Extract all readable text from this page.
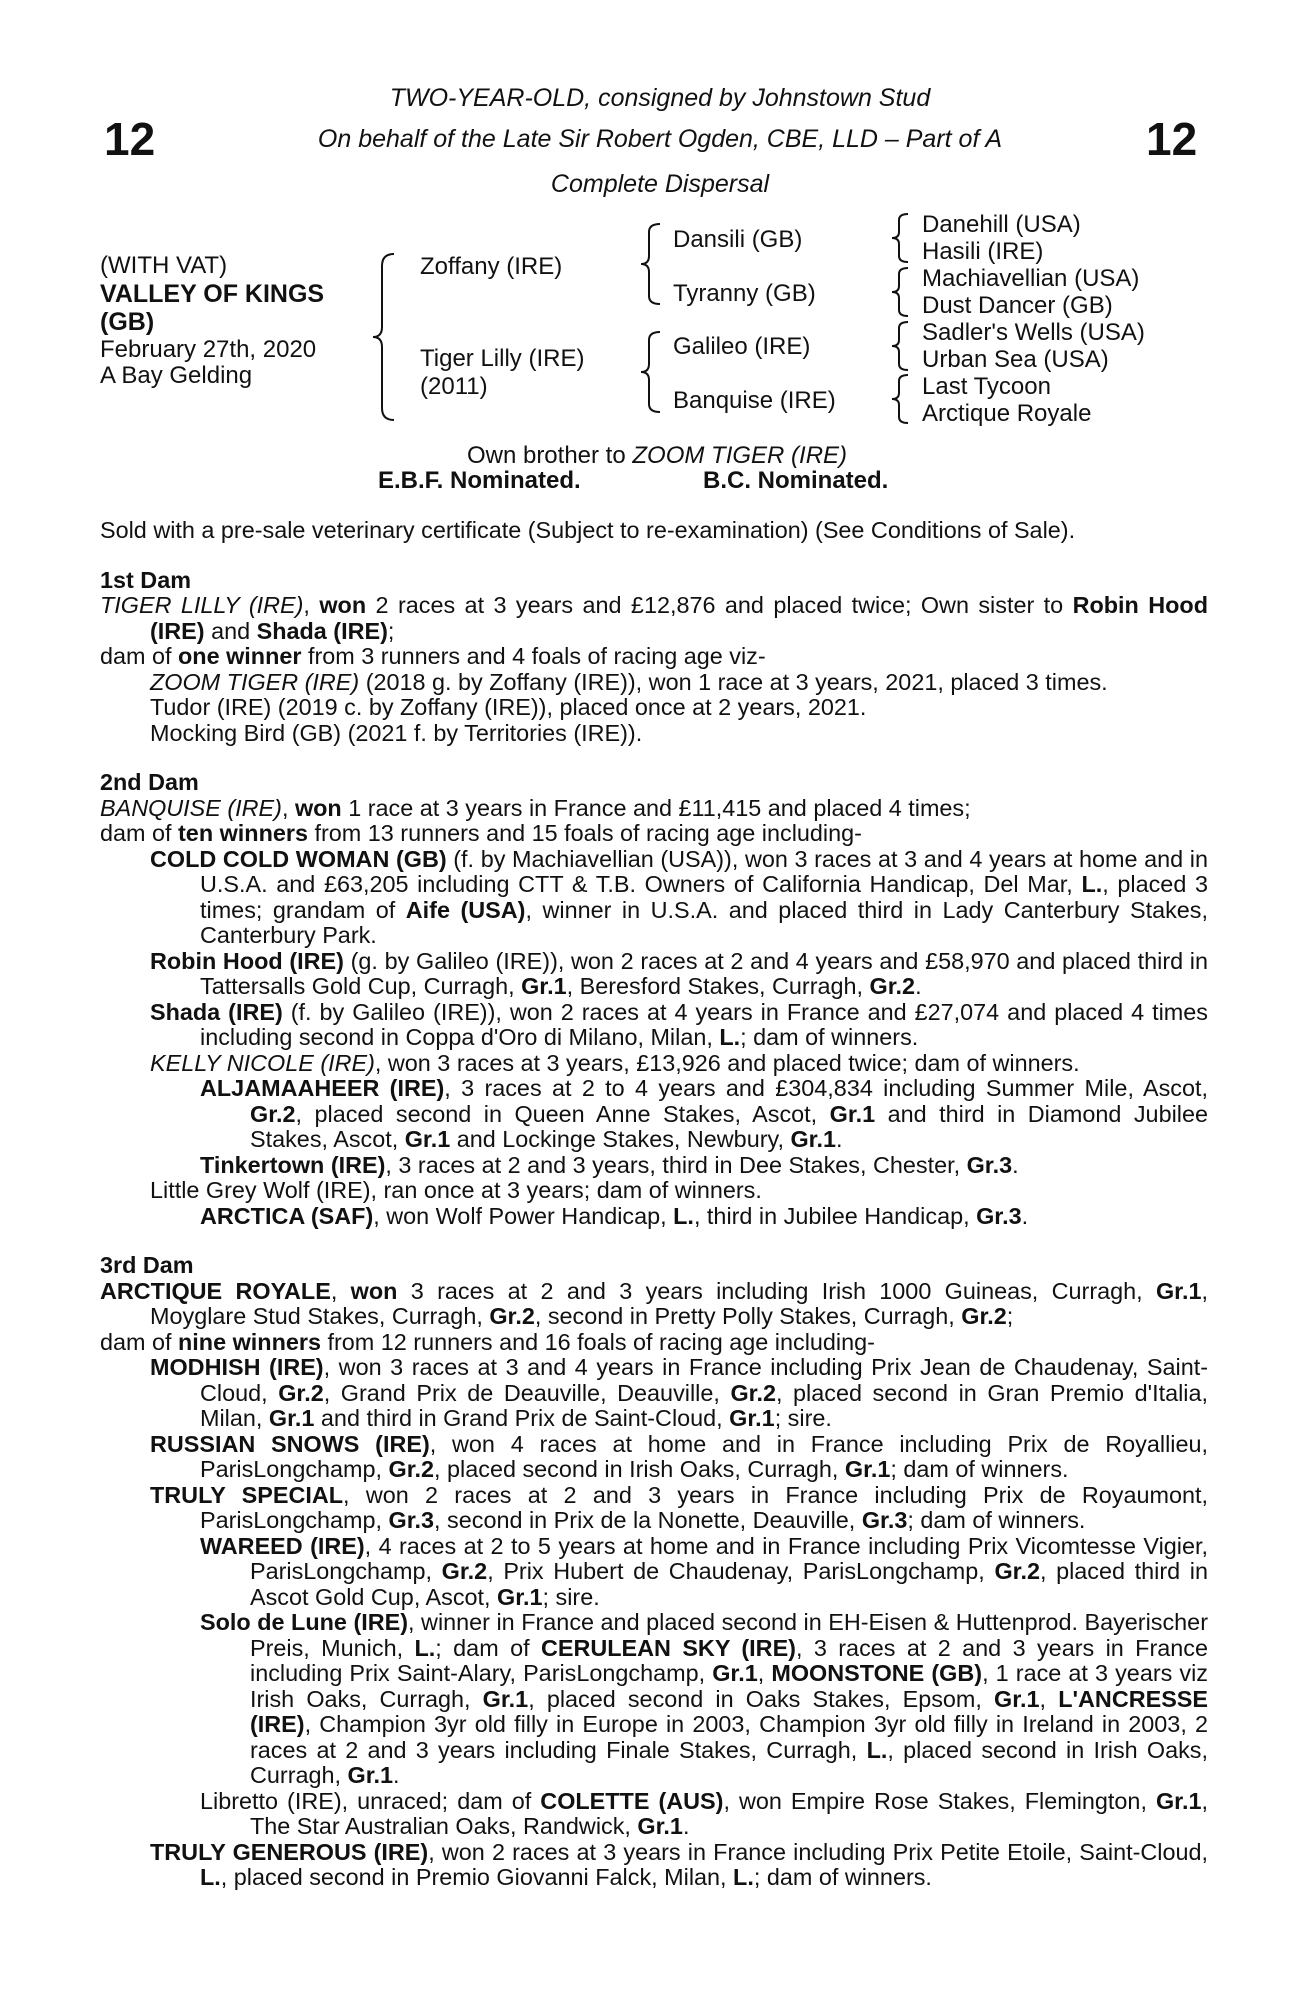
12	12
TWO-YEAR-OLD, consigned by Johnstown Stud
On behalf of the Late Sir Robert Ogden, CBE, LLD – Part of A
Complete Dispersal
(WITH VAT)
VALLEY OF KINGS
(GB)
February 27th, 2020
A Bay Gelding
Zoffany (IRE)
Tiger Lilly (IRE)
(2011)
Dansili (GB)
Tyranny (GB)
Galileo (IRE)
Banquise (IRE)
Danehill (USA)
Hasili (IRE)
Machiavellian (USA)
Dust Dancer (GB)
Sadler's Wells (USA)
Urban Sea (USA)
Last Tycoon
Arctique Royale
Own brother to ZOOM TIGER (IRE)
E.B.F. Nominated.	B.C. Nominated.

Sold with a pre-sale veterinary certificate (Subject to re-examination) (See Conditions of Sale).

1st Dam
TIGER LILLY (IRE), won 2 races at 3 years and £12,876 and placed twice; Own sister to Robin Hood (IRE) and Shada (IRE);
dam of one winner from 3 runners and 4 foals of racing age viz-
ZOOM TIGER (IRE) (2018 g. by Zoffany (IRE)), won 1 race at 3 years, 2021, placed 3 times.
Tudor (IRE) (2019 c. by Zoffany (IRE)), placed once at 2 years, 2021.
Mocking Bird (GB) (2021 f. by Territories (IRE)).
2nd Dam
BANQUISE (IRE), won 1 race at 3 years in France and £11,415 and placed 4 times;
dam of ten winners from 13 runners and 15 foals of racing age including-
COLD COLD WOMAN (GB) (f. by Machiavellian (USA)), won 3 races at 3 and 4 years at home and in U.S.A. and £63,205 including CTT & T.B. Owners of California Handicap, Del Mar, L., placed 3 times; grandam of Aife (USA), winner in U.S.A. and placed third in Lady Canterbury Stakes, Canterbury Park.
Robin Hood (IRE) (g. by Galileo (IRE)), won 2 races at 2 and 4 years and £58,970 and placed third in Tattersalls Gold Cup, Curragh, Gr.1, Beresford Stakes, Curragh, Gr.2.
Shada (IRE) (f. by Galileo (IRE)), won 2 races at 4 years in France and £27,074 and placed 4 times including second in Coppa d'Oro di Milano, Milan, L.; dam of winners.
KELLY NICOLE (IRE), won 3 races at 3 years, £13,926 and placed twice; dam of winners.
ALJAMAAHEER (IRE), 3 races at 2 to 4 years and £304,834 including Summer Mile, Ascot, Gr.2, placed second in Queen Anne Stakes, Ascot, Gr.1 and third in Diamond Jubilee Stakes, Ascot, Gr.1 and Lockinge Stakes, Newbury, Gr.1.
Tinkertown (IRE), 3 races at 2 and 3 years, third in Dee Stakes, Chester, Gr.3.
Little Grey Wolf (IRE), ran once at 3 years; dam of winners.
ARCTICA (SAF), won Wolf Power Handicap, L., third in Jubilee Handicap, Gr.3.
3rd Dam
ARCTIQUE ROYALE, won 3 races at 2 and 3 years including Irish 1000 Guineas, Curragh, Gr.1, Moyglare Stud Stakes, Curragh, Gr.2, second in Pretty Polly Stakes, Curragh, Gr.2;
dam of nine winners from 12 runners and 16 foals of racing age including-
MODHISH (IRE), won 3 races at 3 and 4 years in France including Prix Jean de Chaudenay, Saint-Cloud, Gr.2, Grand Prix de Deauville, Deauville, Gr.2, placed second in Gran Premio d'Italia, Milan, Gr.1 and third in Grand Prix de Saint-Cloud, Gr.1; sire.
RUSSIAN SNOWS (IRE), won 4 races at home and in France including Prix de Royallieu, ParisLongchamp, Gr.2, placed second in Irish Oaks, Curragh, Gr.1; dam of winners.
TRULY SPECIAL, won 2 races at 2 and 3 years in France including Prix de Royaumont, ParisLongchamp, Gr.3, second in Prix de la Nonette, Deauville, Gr.3; dam of winners.
WAREED (IRE), 4 races at 2 to 5 years at home and in France including Prix Vicomtesse Vigier, ParisLongchamp, Gr.2, Prix Hubert de Chaudenay, ParisLongchamp, Gr.2, placed third in Ascot Gold Cup, Ascot, Gr.1; sire.
Solo de Lune (IRE), winner in France and placed second in EH-Eisen & Huttenprod. Bayerischer Preis, Munich, L.; dam of CERULEAN SKY (IRE), 3 races at 2 and 3 years in France including Prix Saint-Alary, ParisLongchamp, Gr.1, MOONSTONE (GB), 1 race at 3 years viz Irish Oaks, Curragh, Gr.1, placed second in Oaks Stakes, Epsom, Gr.1, L'ANCRESSE (IRE), Champion 3yr old filly in Europe in 2003, Champion 3yr old filly in Ireland in 2003, 2 races at 2 and 3 years including Finale Stakes, Curragh, L., placed second in Irish Oaks, Curragh, Gr.1.
Libretto (IRE), unraced; dam of COLETTE (AUS), won Empire Rose Stakes, Flemington, Gr.1, The Star Australian Oaks, Randwick, Gr.1.
TRULY GENEROUS (IRE), won 2 races at 3 years in France including Prix Petite Etoile, Saint-Cloud, L., placed second in Premio Giovanni Falck, Milan, L.; dam of winners.
